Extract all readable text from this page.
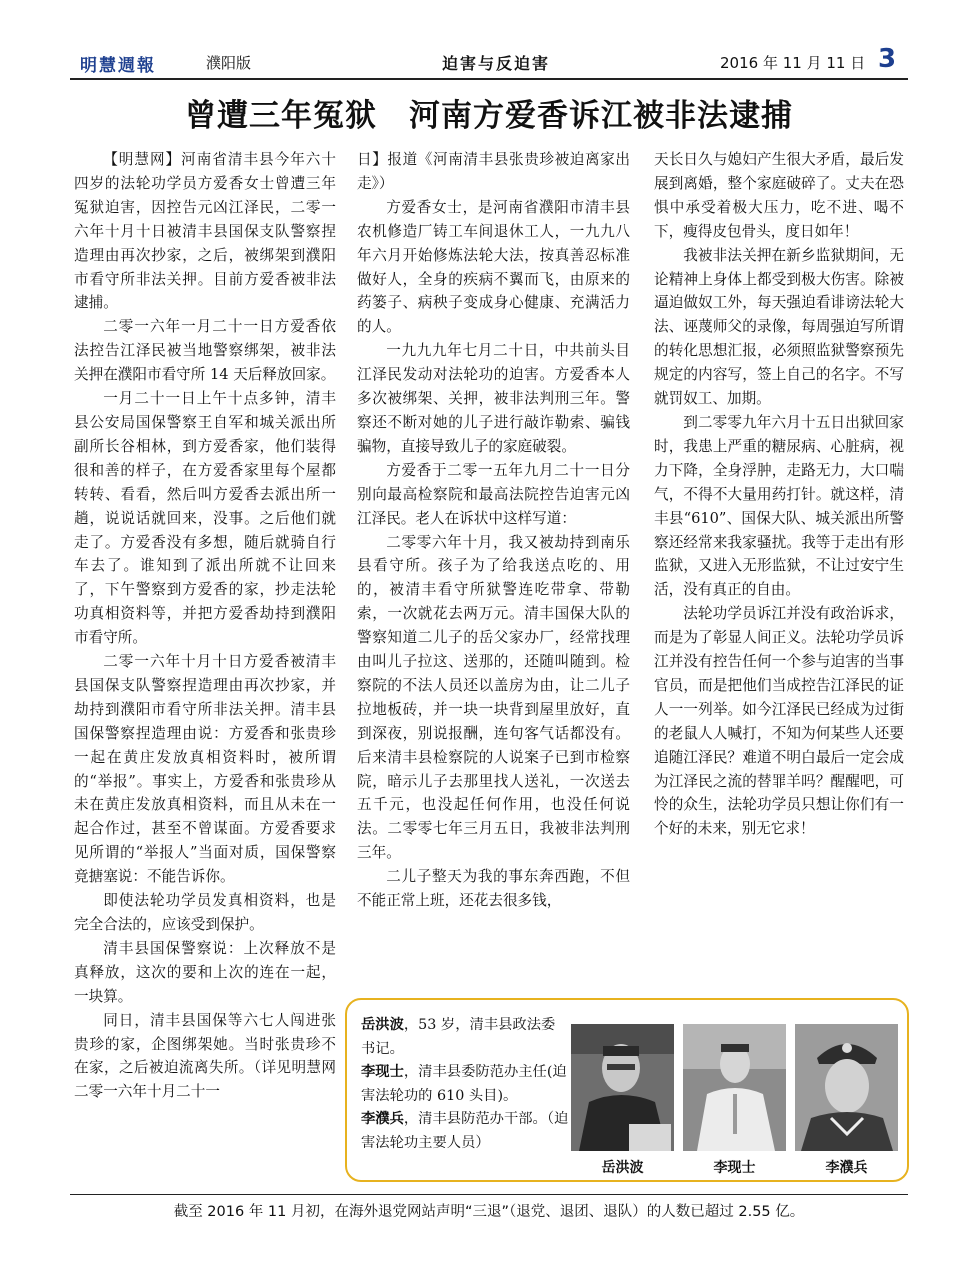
明慧週報	濮阳版	迫害与反迫害	2016 年 11 月 11 日 3
曾遭三年冤狱　河南方爱香诉江被非法逮捕

【明慧网】河南省清丰县今年六十四岁的法轮功学员方爱香女士曾遭三年冤狱迫害，因控告元凶江泽民，二零一六年十月十日被清丰县国保支队警察捏造理由再次抄家，之后，被绑架到濮阳市看守所非法关押。目前方爱香被非法逮捕。

二零一六年一月二十一日方爱香依法控告江泽民被当地警察绑架，被非法关押在濮阳市看守所 14 天后释放回家。

一月二十一日上午十点多钟，清丰县公安局国保警察王自军和城关派出所副所长谷相林，到方爱香家，他们装得很和善的样子，在方爱香家里每个屋都转转、看看，然后叫方爱香去派出所一趟，说说话就回来，没事。之后他们就走了。方爱香没有多想，随后就骑自行车去了。谁知到了派出所就不让回来了，下午警察到方爱香的家，抄走法轮功真相资料等，并把方爱香劫持到濮阳市看守所。

二零一六年十月十日方爱香被清丰县国保支队警察捏造理由再次抄家，并劫持到濮阳市看守所非法关押。清丰县国保警察捏造理由说：方爱香和张贵珍一起在黄庄发放真相资料时，被所谓的“举报”。事实上，方爱香和张贵珍从未在黄庄发放真相资料，而且从未在一起合作过，甚至不曾谋面。方爱香要求见所谓的“举报人”当面对质，国保警察竟搪塞说：不能告诉你。

即使法轮功学员发真相资料，也是完全合法的，应该受到保护。

清丰县国保警察说：上次释放不是真释放，这次的要和上次的连在一起，一块算。

同日，清丰县国保等六七人闯进张贵珍的家，企图绑架她。当时张贵珍不在家，之后被迫流离失所。（详见明慧网二零一六年十月二十一

日】报道《河南清丰县张贵珍被迫离家出走》）

方爱香女士，是河南省濮阳市清丰县农机修造厂铸工车间退休工人，一九九八年六月开始修炼法轮大法，按真善忍标准做好人，全身的疾病不翼而飞，由原来的药篓子、病秧子变成身心健康、充满活力的人。

一九九九年七月二十日，中共前头目江泽民发动对法轮功的迫害。方爱香本人多次被绑架、关押，被非法判刑三年。警察还不断对她的儿子进行敲诈勒索、骗钱骗物，直接导致儿子的家庭破裂。

方爱香于二零一五年九月二十一日分别向最高检察院和最高法院控告迫害元凶江泽民。老人在诉状中这样写道：

二零零六年十月，我又被劫持到南乐县看守所。孩子为了给我送点吃的、用的，被清丰看守所狱警连吃带拿、带勒索，一次就花去两万元。清丰国保大队的警察知道二儿子的岳父家办厂，经常找理由叫儿子拉这、送那的，还随叫随到。检察院的不法人员还以盖房为由，让二儿子拉地板砖，并一块一块背到屋里放好，直到深夜，别说报酬，连句客气话都没有。后来清丰县检察院的人说案子已到市检察院，暗示儿子去那里找人送礼，一次送去五千元，也没起任何作用，也没任何说法。二零零七年三月五日，我被非法判刑三年。

二儿子整天为我的事东奔西跑，不但不能正常上班，还花去很多钱，

天长日久与媳妇产生很大矛盾，最后发展到离婚，整个家庭破碎了。丈夫在恐惧中承受着极大压力，吃不进、喝不下，瘦得皮包骨头，度日如年！

我被非法关押在新乡监狱期间，无论精神上身体上都受到极大伤害。除被逼迫做奴工外，每天强迫看诽谤法轮大法、诬蔑师父的录像，每周强迫写所谓的转化思想汇报，必须照监狱警察预先规定的内容写，签上自己的名字。不写就罚奴工、加期。

到二零零九年六月十五日出狱回家时，我患上严重的糖尿病、心脏病，视力下降，全身浮肿，走路无力，大口喘气，不得不大量用药打针。就这样，清丰县“610”、国保大队、城关派出所警察还经常来我家骚扰。我等于走出有形监狱，又进入无形监狱，不让过安宁生活，没有真正的自由。

法轮功学员诉江并没有政治诉求，而是为了彰显人间正义。法轮功学员诉江并没有控告任何一个参与迫害的当事官员，而是把他们当成控告江泽民的证人一一列举。如今江泽民已经成为过街的老鼠人人喊打，不知为何某些人还要追随江泽民？难道不明白最后一定会成为江泽民之流的替罪羊吗？醒醒吧，可怜的众生，法轮功学员只想让你们有一个好的未来，别无它求！

岳洪波，53 岁，清丰县政法委书记。

李现士，清丰县委防范办主任(迫害法轮功的 610 头目)。

李濮兵，清丰县防范办干部。（迫害法轮功主要人员）

岳洪波	李现士	李濮兵
截至 2016 年 11 月初，在海外退党网站声明“三退”（退党、退团、退队）的人数已超过 2.55 亿。
